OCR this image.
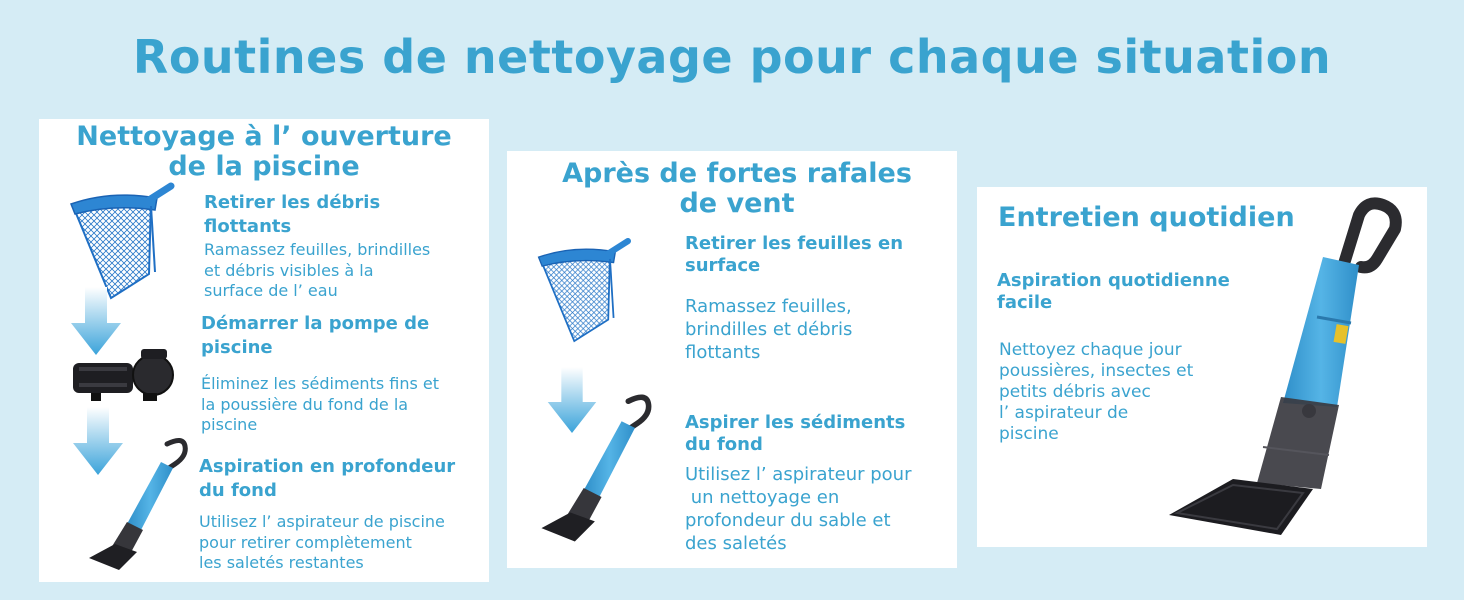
Routines de nettoyage pour chaque situation
Nettoyage à l’ ouverture
de la piscine
Retirer les débris
flottants
Ramassez feuilles, brindilles
et débris visibles à la
surface de l’ eau
Démarrer la pompe de
piscine
Éliminez les sédiments fins et
la poussière du fond de la
piscine
Aspiration en profondeur
du fond
Utilisez l’ aspirateur de piscine
pour retirer complètement
les saletés restantes
Après de fortes rafales
de vent
Retirer les feuilles en
surface
Ramassez feuilles,
brindilles et débris
flottants
Aspirer les sédiments
du fond
Utilisez l’ aspirateur pour
un nettoyage en
profondeur du sable et
des saletés
Entretien quotidien
Aspiration quotidienne
facile
Nettoyez chaque jour
poussières, insectes et
petits débris avec
l’ aspirateur de
piscine
